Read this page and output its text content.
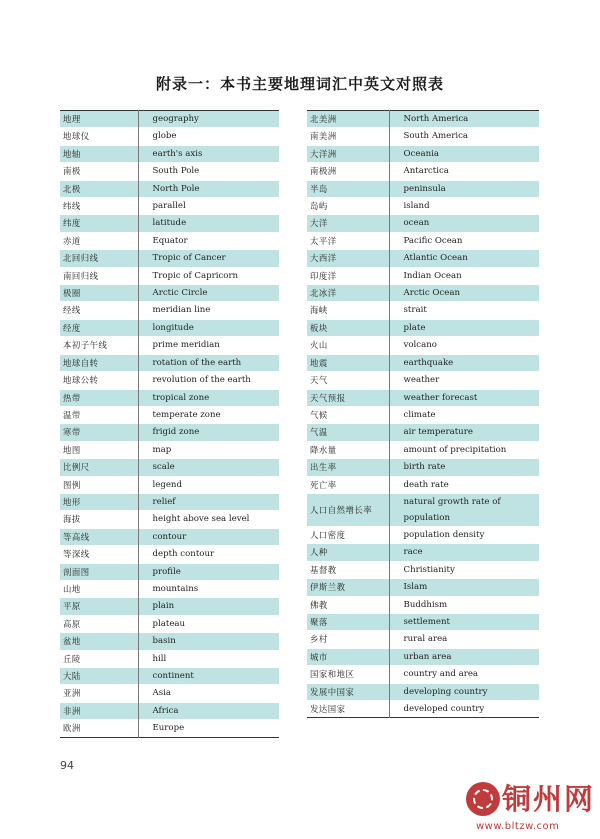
附录一：本书主要地理词汇中英文对照表
地理	geography
地球仪	globe
地轴	earth's axis
南极	South Pole
北极	North Pole
纬线	parallel
纬度	latitude
赤道	Equator
北回归线	Tropic of Cancer
南回归线	Tropic of Capricorn
极圈	Arctic Circle
经线	meridian line
经度	longitude
本初子午线	prime meridian
地球自转	rotation of the earth
地球公转	revolution of the earth
热带	tropical zone
温带	temperate zone
寒带	frigid zone
地图	map
比例尺	scale
图例	legend
地形	relief
海拔	height above sea level
等高线	contour
等深线	depth contour
剖面图	profile
山地	mountains
平原	plain
高原	plateau
盆地	basin
丘陵	hill
大陆	continent
亚洲	Asia
非洲	Africa
欧洲	Europe
北美洲	North America
南美洲	South America
大洋洲	Oceania
南极洲	Antarctica
半岛	peninsula
岛屿	island
大洋	ocean
太平洋	Pacific Ocean
大西洋	Atlantic Ocean
印度洋	Indian Ocean
北冰洋	Arctic Ocean
海峡	strait
板块	plate
火山	volcano
地震	earthquake
天气	weather
天气预报	weather forecast
气候	climate
气温	air temperature
降水量	amount of precipitation
出生率	birth rate
死亡率	death rate
人口自然增长率	natural growth rate of population
人口密度	population density
人种	race
基督教	Christianity
伊斯兰教	Islam
佛教	Buddhism
聚落	settlement
乡村	rural area
城市	urban area
国家和地区	country and area
发展中国家	developing country
发达国家	developed country
94
铜州网
www.bltzw.com
